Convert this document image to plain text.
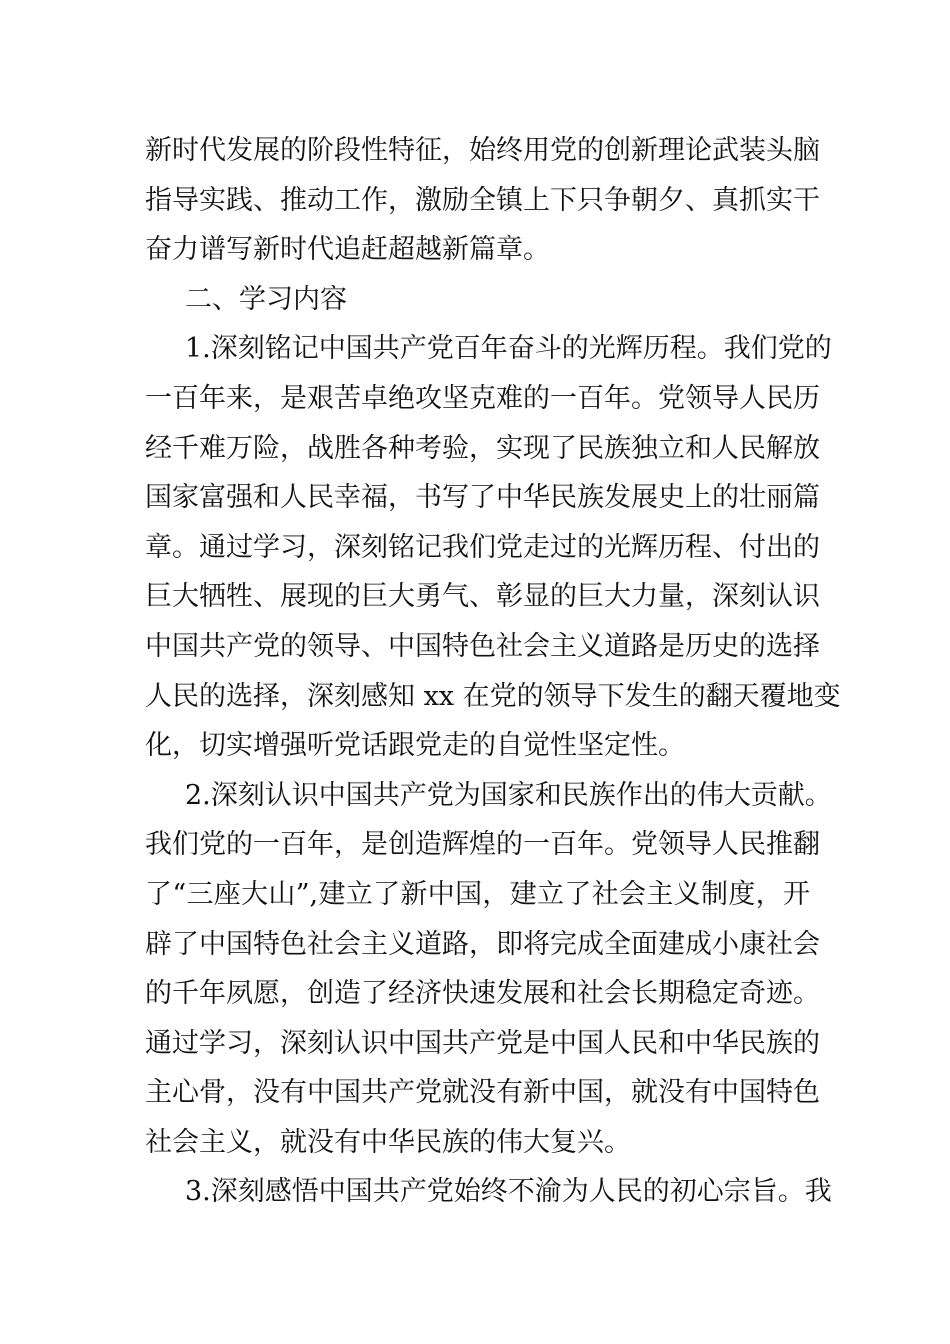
新时代发展的阶段性特征，始终用党的创新理论武装头脑
指导实践、推动工作，激励全镇上下只争朝夕、真抓实干
奋力谱写新时代追赶超越新篇章。
二、学习内容
1.深刻铭记中国共产党百年奋斗的光辉历程。我们党的
一百年来，是艰苦卓绝攻坚克难的一百年。党领导人民历
经千难万险，战胜各种考验，实现了民族独立和人民解放
国家富强和人民幸福，书写了中华民族发展史上的壮丽篇
章。通过学习，深刻铭记我们党走过的光辉历程、付出的
巨大牺牲、展现的巨大勇气、彰显的巨大力量，深刻认识
中国共产党的领导、中国特色社会主义道路是历史的选择
人民的选择，深刻感知 xx 在党的领导下发生的翻天覆地变
化，切实增强听党话跟党走的自觉性坚定性。
2.深刻认识中国共产党为国家和民族作出的伟大贡献。
我们党的一百年，是创造辉煌的一百年。党领导人民推翻
了“三座大山”,建立了新中国，建立了社会主义制度，开
辟了中国特色社会主义道路，即将完成全面建成小康社会
的千年夙愿，创造了经济快速发展和社会长期稳定奇迹。
通过学习，深刻认识中国共产党是中国人民和中华民族的
主心骨，没有中国共产党就没有新中国，就没有中国特色
社会主义，就没有中华民族的伟大复兴。
3.深刻感悟中国共产党始终不渝为人民的初心宗旨。我
